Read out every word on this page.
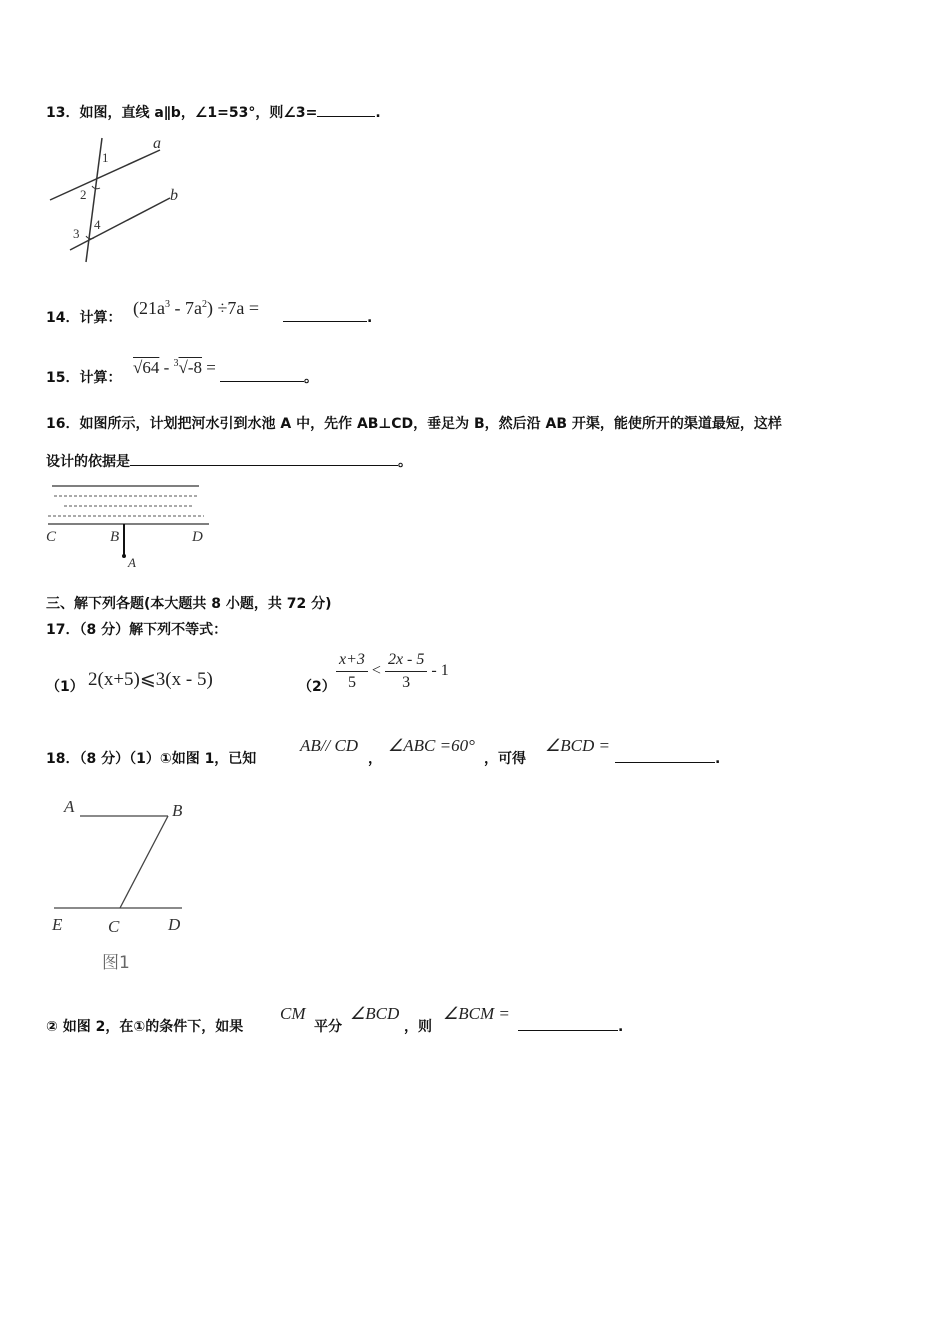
13．如图，直线 a∥b，∠1=53°，则∠3=	.
a
b
1
2
3
4
14．计算： $(21a^3 - 7a^2) \div 7a$ =	.
15．计算：
√64 - $^3$√-8 =
。
16．如图所示，计划把河水引到水池 A 中，先作 AB⊥CD，垂足为 B，然后沿 AB 开渠，能使所开的渠道最短，这样
设计的依据是	。
C	B	D
A
三、解下列各题(本大题共 8 小题，共 72 分)
17．（8 分）解下列不等式：
（1） 2(x+5)⩽3(x - 5)	$(2) \frac{x+3}{5} < \frac{2x - 5}{3} - 1$
18．（8 分）（1）①如图 1，已知
AB// CD
，
∠ABC =60°
，可得
∠BCD =
.
A	B
E	C	D
图1
② 如图 2，在①的条件下，如果
CM
平分
∠BCD
，则
∠BCM =
.
